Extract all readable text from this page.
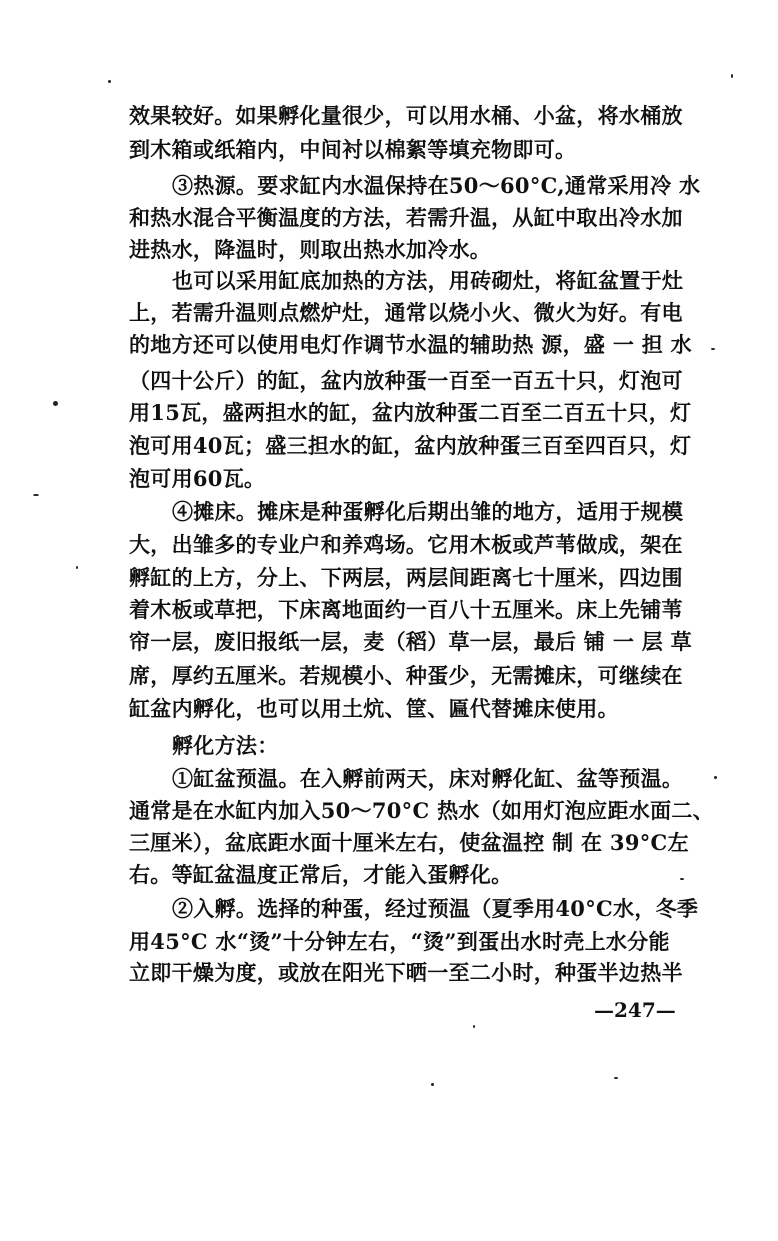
效果较好。如果孵化量很少，可以用水桶、小盆，将水桶放
到木箱或纸箱内，中间衬以棉絮等填充物即可。
③热源。要求缸内水温保持在50～60°C,通常采用冷 水
和热水混合平衡温度的方法，若需升温，从缸中取出冷水加
进热水，降温时，则取出热水加冷水。
也可以采用缸底加热的方法，用砖砌灶，将缸盆置于灶
上，若需升温则点燃炉灶，通常以烧小火、微火为好。有电
的地方还可以使用电灯作调节水温的辅助热 源，盛 一 担 水
（四十公斤）的缸，盆内放种蛋一百至一百五十只，灯泡可
用15瓦，盛两担水的缸，盆内放种蛋二百至二百五十只，灯
泡可用40瓦；盛三担水的缸，盆内放种蛋三百至四百只，灯
泡可用60瓦。
④摊床。摊床是种蛋孵化后期出雏的地方，适用于规模
大，出雏多的专业户和养鸡场。它用木板或芦苇做成，架在
孵缸的上方，分上、下两层，两层间距离七十厘米，四边围
着木板或草把，下床离地面约一百八十五厘米。床上先铺苇
帘一层，废旧报纸一层，麦（稻）草一层，最后 铺 一 层 草
席，厚约五厘米。若规模小、种蛋少，无需摊床，可继续在
缸盆内孵化，也可以用土炕、筐、匾代替摊床使用。
孵化方法：
①缸盆预温。在入孵前两天，床对孵化缸、盆等预温。
通常是在水缸内加入50～70°C 热水（如用灯泡应距水面二、
三厘米），盆底距水面十厘米左右，使盆温控 制 在 39°C左
右。等缸盆温度正常后，才能入蛋孵化。
②入孵。选择的种蛋，经过预温（夏季用40°C水，冬季
用45°C 水“烫”十分钟左右，“烫”到蛋出水时壳上水分能
立即干燥为度，或放在阳光下晒一至二小时，种蛋半边热半
—247—
